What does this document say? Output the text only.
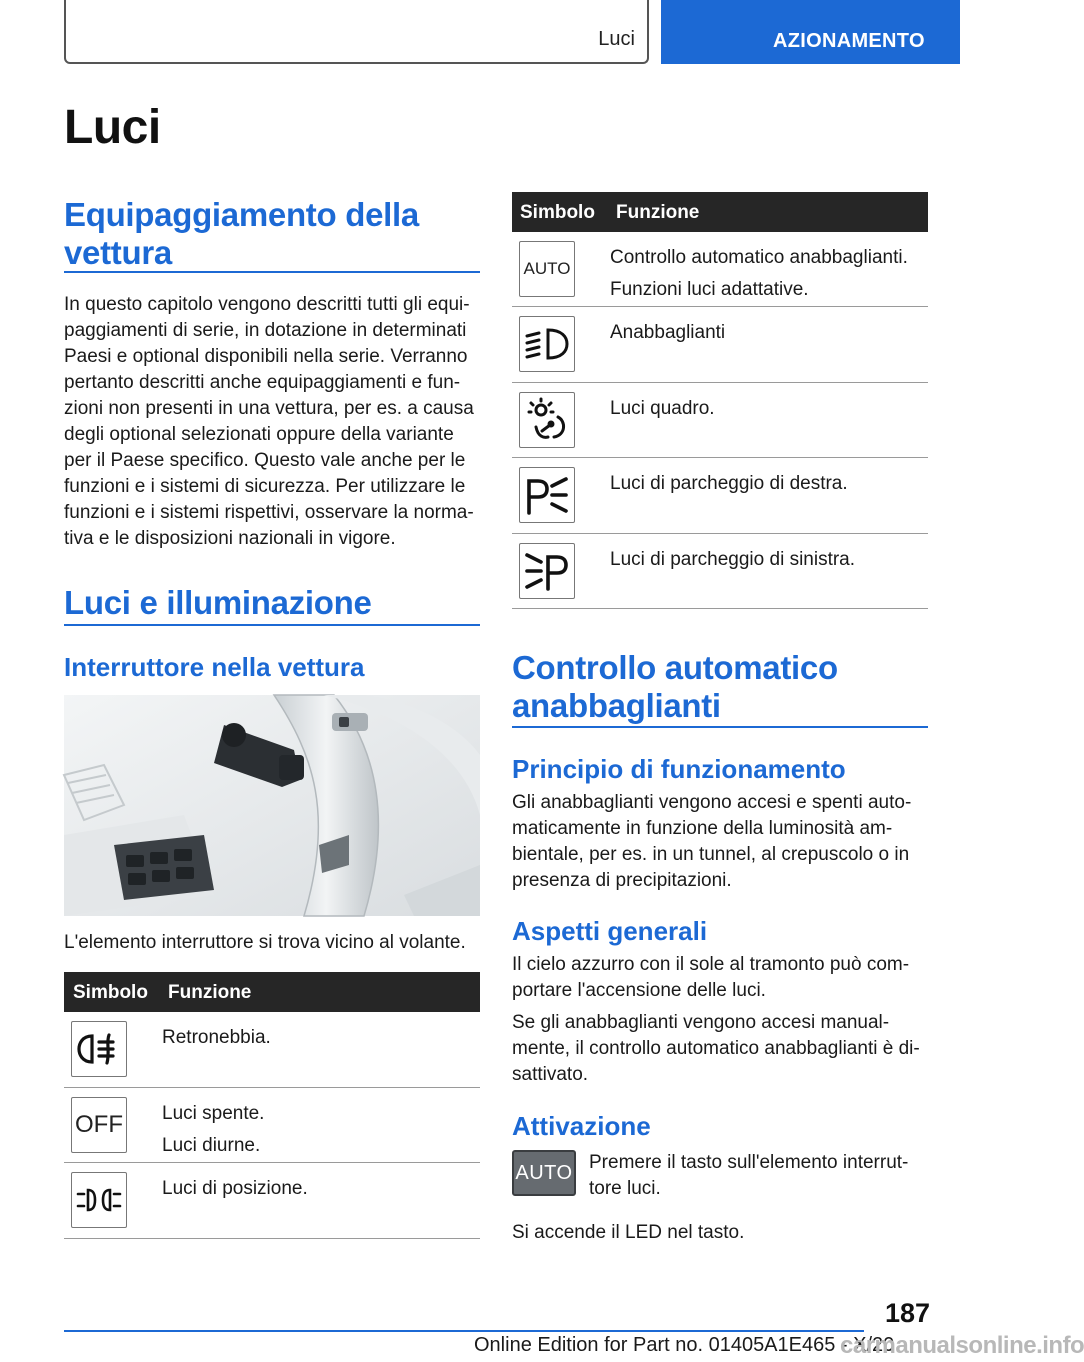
Luci	AZIONAMENTO
Luci
Equipaggiamento della vettura

In questo capitolo vengono descritti tutti gli equipaggiamenti di serie, in dotazione in determinati Paesi e optional disponibili nella serie. Verranno pertanto descritti anche equipaggiamenti e funzioni non presenti in una vettura, per es. a causa degli optional selezionati oppure della variante per il Paese specifico. Questo vale anche per le funzioni e i sistemi di sicurezza. Per utilizzare le funzioni e i sistemi rispettivi, osservare la normativa e le disposizioni nazionali in vigore.

Luci e illuminazione
Interruttore nella vettura
L'elemento interruttore si trova vicino al volante.
Simbolo Funzione

Retronebbia.

OFF Luci spente.

Luci diurne.

Luci di posizione.

Simbolo Funzione
AUTO

Controllo automatico anabbaglianti.

Funzioni luci adattative.

Anabbaglianti

Luci quadro.

Luci di parcheggio di destra.

Luci di parcheggio di sinistra.

Controllo automatico anabbaglianti
Principio di funzionamento
Gli anabbaglianti vengono accesi e spenti automaticamente in funzione della luminosità ambientale, per es. in un tunnel, al crepuscolo o in presenza di precipitazioni.
Aspetti generali
Il cielo azzurro con il sole al tramonto può comportare l'accensione delle luci.
Se gli anabbaglianti vengono accesi manualmente, il controllo automatico anabbaglianti è disattivato.
Attivazione
AUTO Premere il tasto sull'elemento interruttore luci.
Si accende il LED nel tasto.
187
Online Edition for Part no. 01405A1E465 - X/20
carmanualsonline.info
